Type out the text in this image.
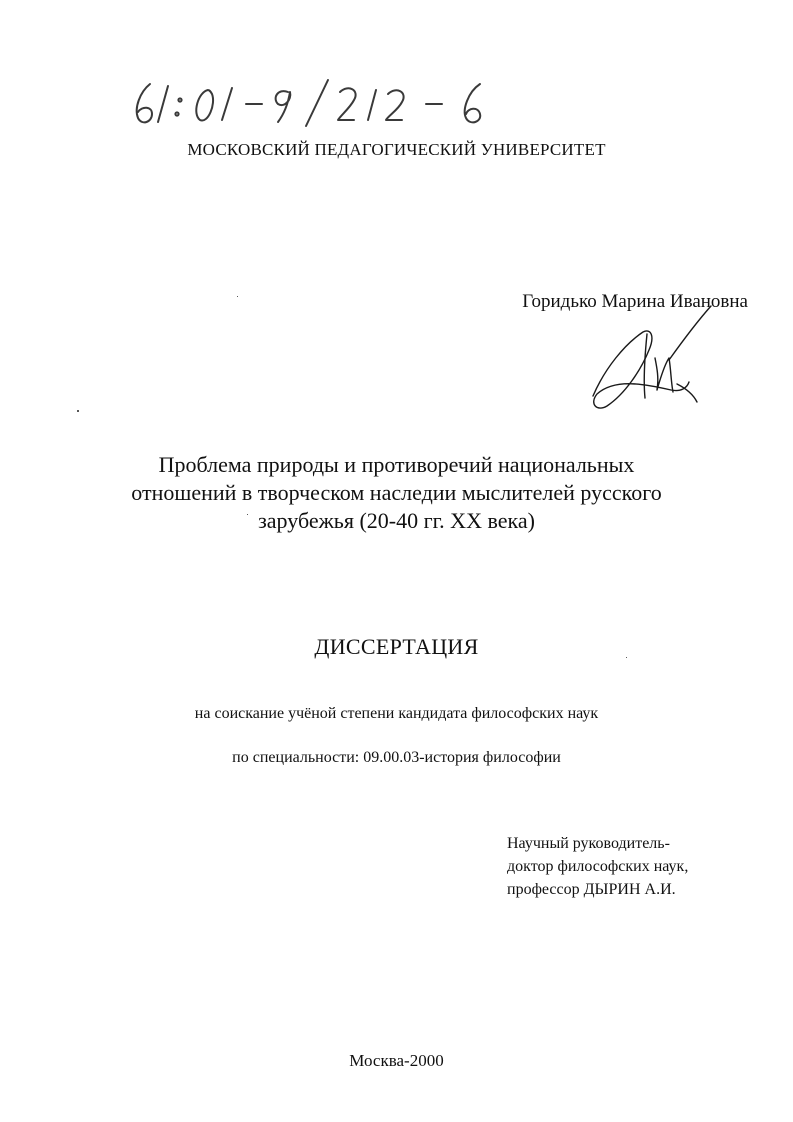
МОСКОВСКИЙ ПЕДАГОГИЧЕСКИЙ УНИВЕРСИТЕТ
Горидько Марина Ивановна
Проблема природы и противоречий национальных
отношений в творческом наследии мыслителей русского
зарубежья (20-40 гг. XX века)
ДИССЕРТАЦИЯ
на соискание учёной степени кандидата философских наук
по специальности: 09.00.03-история философии
Научный руководитель-
доктор философских наук,
профессор ДЫРИН А.И.
Москва-2000
